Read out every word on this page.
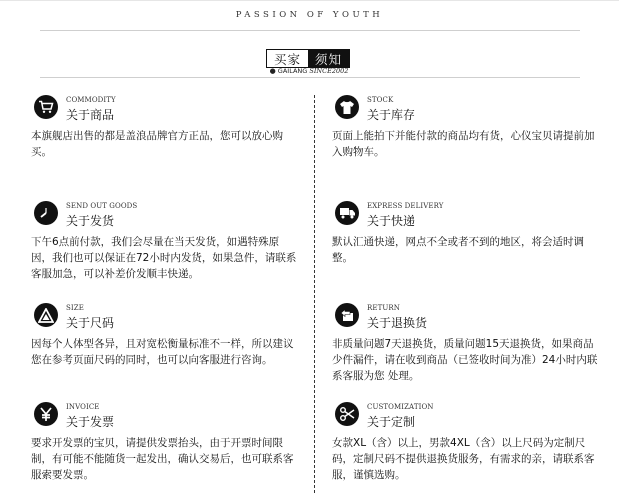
PASSION OF YOUTH
买家	须知
● GAILANG SINCE2002
COMMODITY
关于商品

本旗舰店出售的都是盖浪品牌官方正品，您可以放心购买。

STOCK
关于库存

页面上能拍下并能付款的商品均有货，心仪宝贝请提前加入购物车。

SEND OUT GOODS
关于发货

下午6点前付款，我们会尽量在当天发货，如遇特殊原因，我们也可以保证在72小时内发货，如果急件，请联系客服加急，可以补差价发顺丰快递。

EXPRESS DELIVERY
关于快递

默认汇通快递，网点不全或者不到的地区，将会适时调整。

SIZE
关于尺码

因每个人体型各异，且对宽松衡量标准不一样，所以建议您在参考页面尺码的同时，也可以向客服进行咨询。

RETURN
关于退换货

非质量问题7天退换货，质量问题15天退换货，如果商品少件漏件，请在收到商品（已签收时间为准）24小时内联系客服为您 处理。

INVOICE
关于发票

要求开发票的宝贝，请提供发票抬头，由于开票时间限制，有可能不能随货一起发出，确认交易后，也可联系客服索要发票。

CUSTOMIZATION
关于定制

女款XL（含）以上，男款4XL（含）以上尺码为定制尺码，定制尺码不提供退换货服务，有需求的亲，请联系客服，谨慎选购。
